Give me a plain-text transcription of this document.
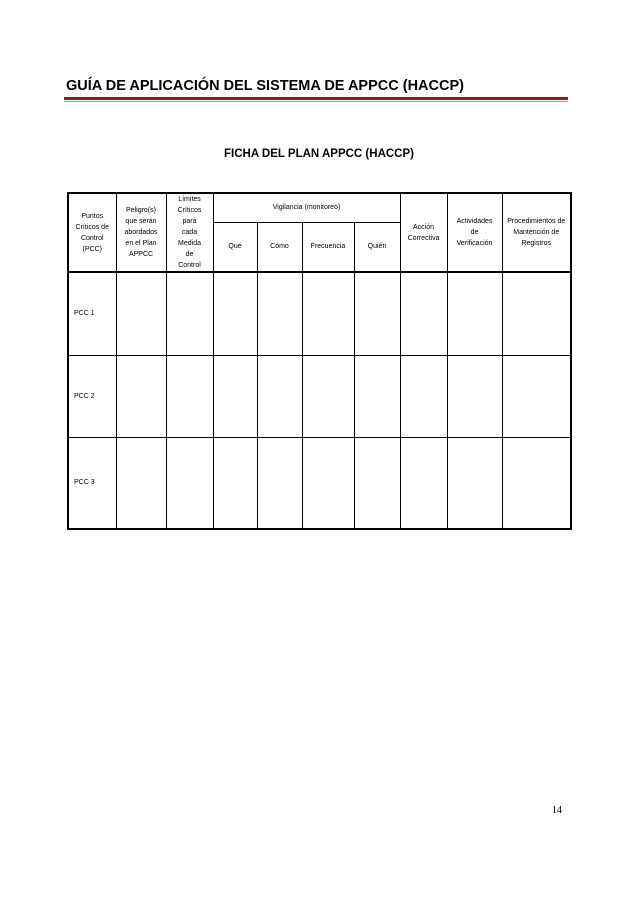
GUÍA DE APLICACIÓN DEL SISTEMA DE APPCC (HACCP)
FICHA DEL PLAN APPCC (HACCP)
Puntos Críticos de Control (PCC)	Peligro(s) que serán abordados en el Plan APPCC	Límites Críticos para cada Medida de Control	Vigilancia (monitoreo)				Acción Correctiva	Actividades de Verificación	Procedimientos de Mantención de Registros

			Qué	Cómo	Frecuencia	Quién			
PCC 1									
PCC 2									
PCC 3									
14
